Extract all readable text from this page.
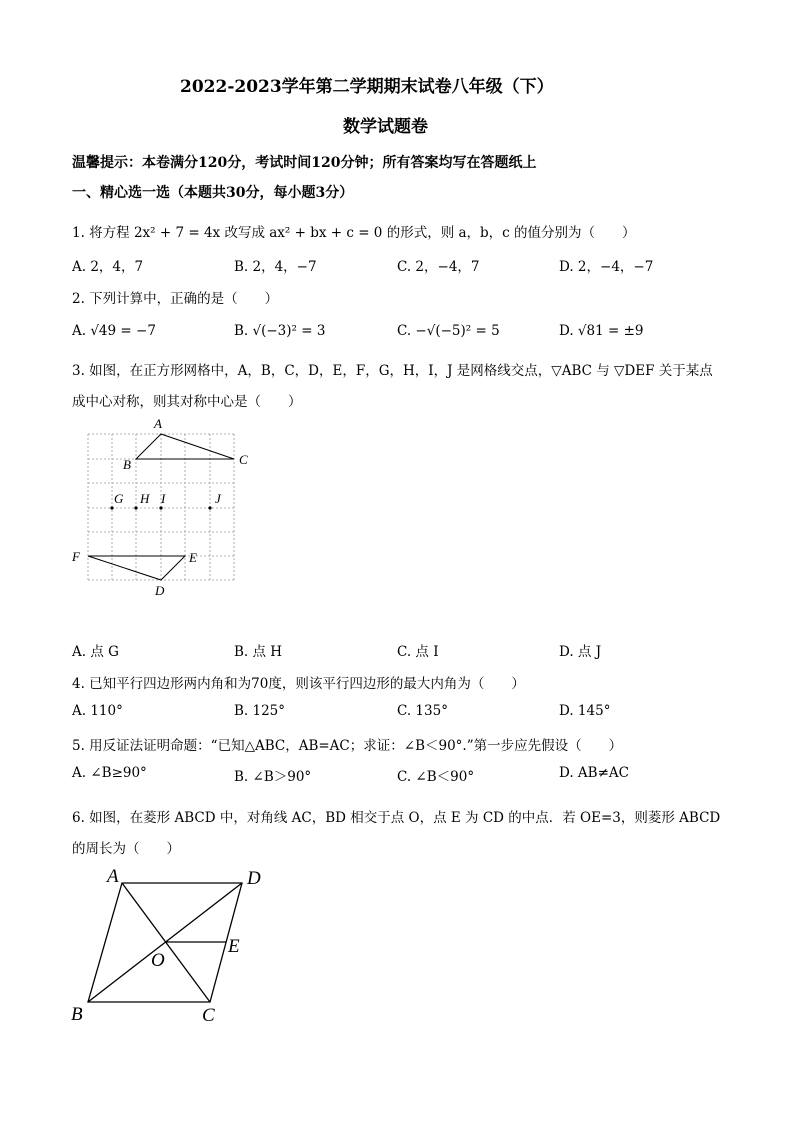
2022-2023学年第二学期期末试卷八年级（下）
数学试题卷
温馨提示：本卷满分120分，考试时间120分钟；所有答案均写在答题纸上
一、精心选一选（本题共30分，每小题3分）
1. 将方程 2x² + 7 = 4x 改写成 ax² + bx + c = 0 的形式，则 a，b，c 的值分别为（　　）
A. 2，4，7	B. 2，4，−7	C. 2，−4，7	D. 2，−4，−7
2. 下列计算中，正确的是（　　）
A. √49 = −7	B. √(−3)² = 3	C. −√(−5)² = 5	D. √81 = ±9
3. 如图，在正方形网格中，A，B，C，D，E，F，G，H，I，J 是网格线交点，▽ABC 与 ▽DEF 关于某点
成中心对称，则其对称中心是（　　）
A
B	C
G H I	J
F	E
D
A. 点 G	B. 点 H	C. 点 I	D. 点 J
4. 已知平行四边形两内角和为70度，则该平行四边形的最大内角为（　　）
A. 110°	B. 125°	C. 135°	D. 145°
5. 用反证法证明命题：“已知△ABC，AB=AC；求证：∠B＜90°.”第一步应先假设（　　）
A. ∠B≥90°	B. ∠B＞90°	C. ∠B＜90°	D. AB≠AC
6. 如图，在菱形 ABCD 中，对角线 AC，BD 相交于点 O，点 E 为 CD 的中点．若 OE=3，则菱形 ABCD
的周长为（　　）
A	D
E
O
B	C
